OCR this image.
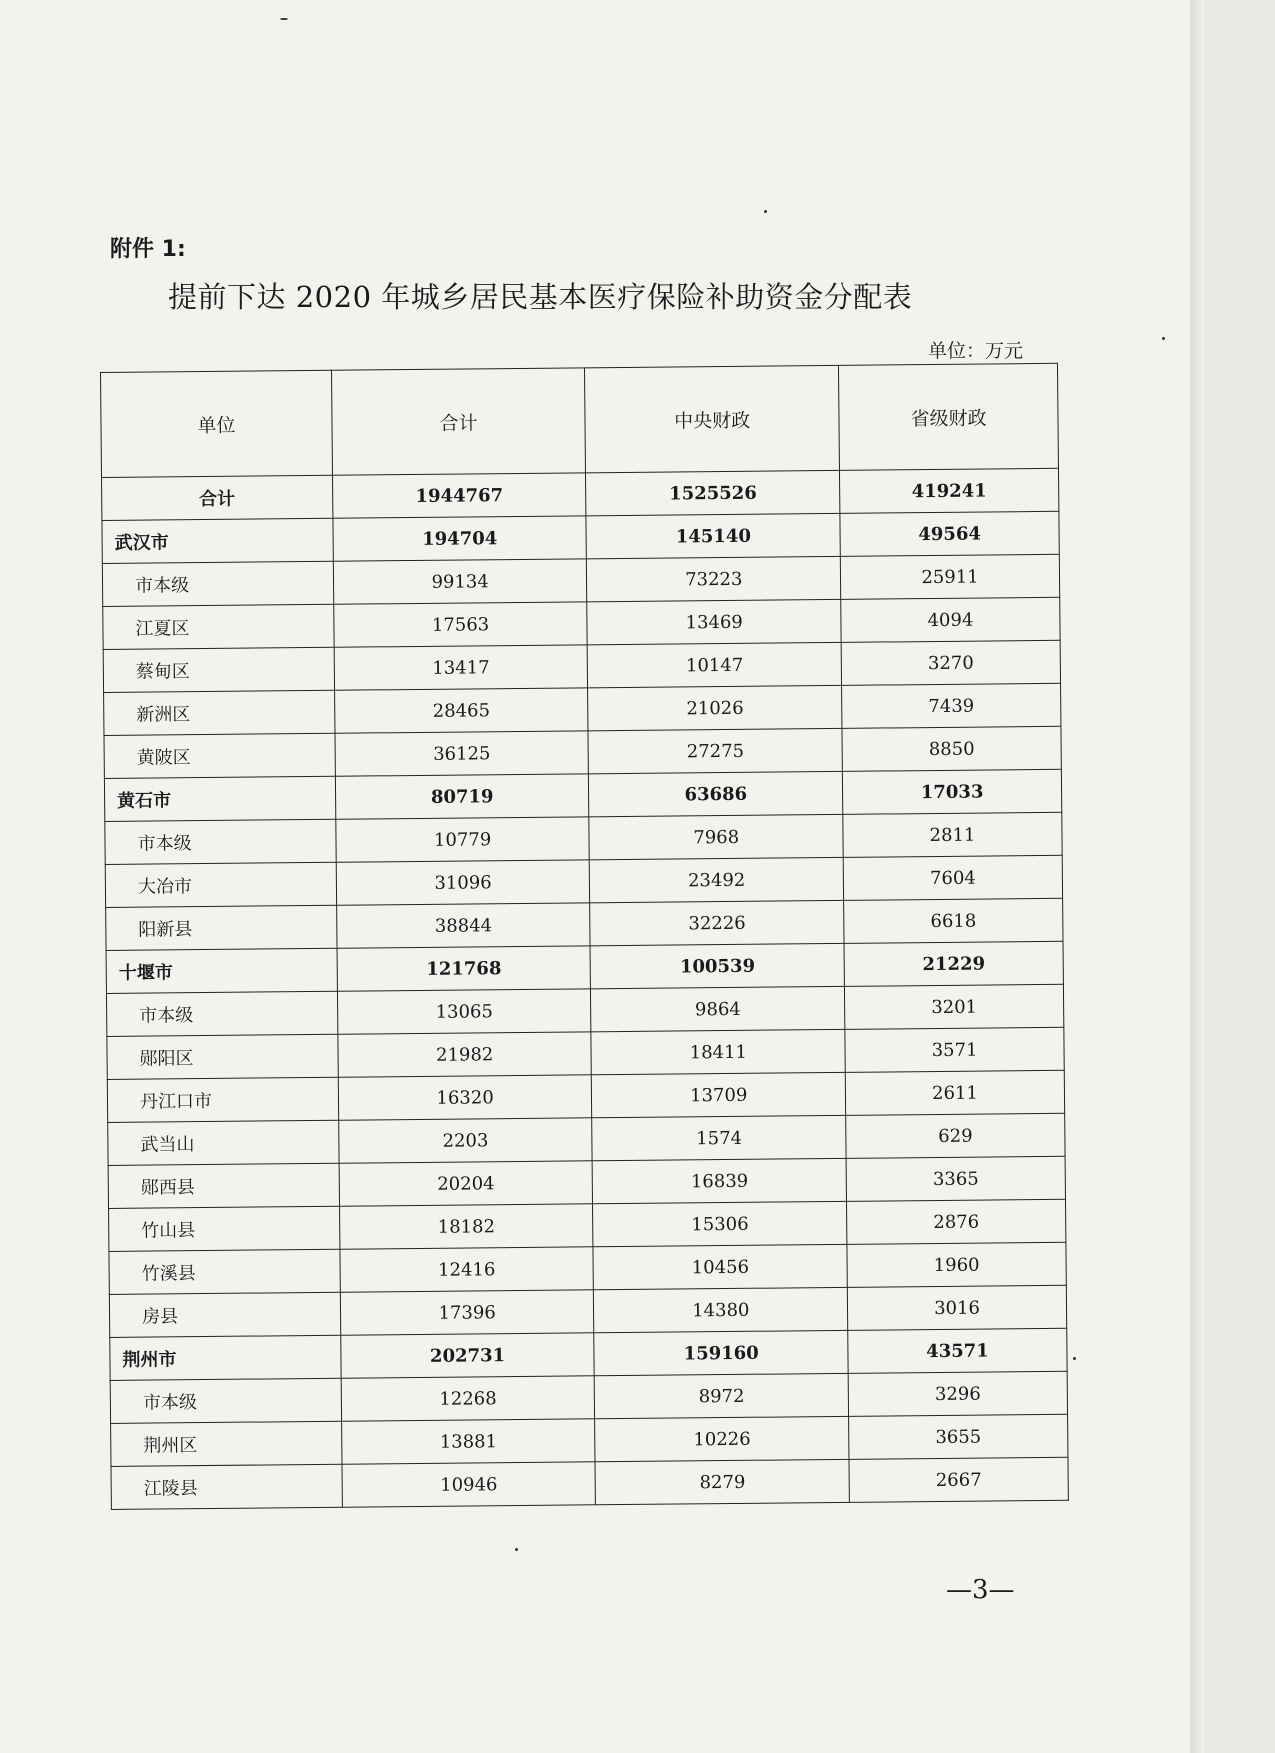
附件 1:
提前下达 2020 年城乡居民基本医疗保险补助资金分配表
单位：万元
单位	合计	中央财政	省级财政
合计	1944767	1525526	419241
武汉市	194704	145140	49564
市本级	99134	73223	25911
江夏区	17563	13469	4094
蔡甸区	13417	10147	3270
新洲区	28465	21026	7439
黄陂区	36125	27275	8850
黄石市	80719	63686	17033
市本级	10779	7968	2811
大冶市	31096	23492	7604
阳新县	38844	32226	6618
十堰市	121768	100539	21229
市本级	13065	9864	3201
郧阳区	21982	18411	3571
丹江口市	16320	13709	2611
武当山	2203	1574	629
郧西县	20204	16839	3365
竹山县	18182	15306	2876
竹溪县	12416	10456	1960
房县	17396	14380	3016
荆州市	202731	159160	43571
市本级	12268	8972	3296
荆州区	13881	10226	3655
江陵县	10946	8279	2667
—3—
